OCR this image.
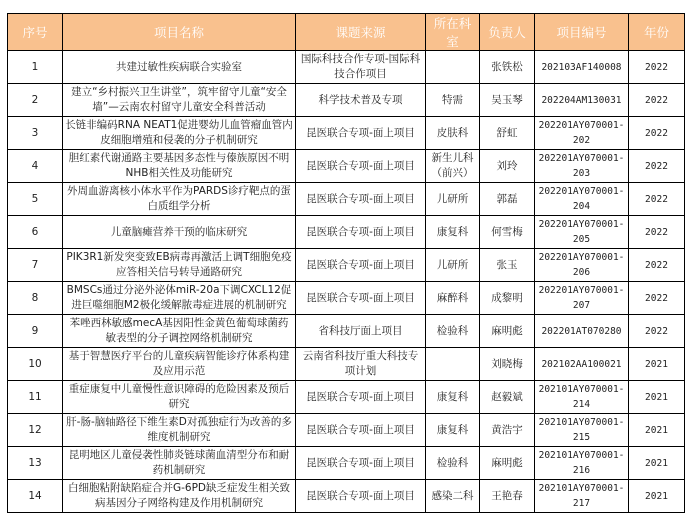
序号	项目名称	课题来源	所在科室	负责人	项目编号	年份
1	共建过敏性疾病联合实验室	国际科技合作专项-国际科技合作项目		张铁松	202103AF140008	2022
2	建立“乡村振兴卫生讲堂”，筑牢留守儿童“安全墙”—云南农村留守儿童安全科普活动	科学技术普及专项	特需	吴玉琴	202204AM130031	2022
3	长链非编码RNA NEAT1促进婴幼儿血管瘤血管内皮细胞增殖和侵袭的分子机制研究	昆医联合专项-面上项目	皮肤科	舒虹	202201AY070001-202	2022
4	胆红素代谢通路主要基因多态性与傣族原因不明NHB相关性及功能研究	昆医联合专项-面上项目	新生儿科（前兴）	刘玲	202201AY070001-203	2022
5	外周血游离核小体水平作为PARDS诊疗靶点的蛋白质组学分析	昆医联合专项-面上项目	儿研所	郭磊	202201AY070001-204	2022
6	儿童脑瘫营养干预的临床研究	昆医联合专项-面上项目	康复科	何雪梅	202201AY070001-205	2022
7	PIK3R1新发突变致EB病毒再激活上调T细胞免疫应答相关信号转导通路研究	昆医联合专项-面上项目	儿研所	张玉	202201AY070001-206	2022
8	BMSCs通过分泌外泌体miR-20a下调CXCL12促进巨噬细胞M2极化缓解脓毒症进展的机制研究	昆医联合专项-面上项目	麻醉科	成黎明	202201AY070001-207	2022
9	苯唑西林敏感mecA基因阳性金黄色葡萄球菌药敏表型的分子调控网络机制研究	省科技厅面上项目	检验科	麻明彪	202201AT070280	2022
10	基于智慧医疗平台的儿童疾病智能诊疗体系构建及应用示范	云南省科技厅重大科技专项计划		刘晓梅	202102AA100021	2021
11	重症康复中儿童慢性意识障碍的危险因素及预后研究	昆医联合专项-面上项目	康复科	赵毅斌	202101AY070001-214	2021
12	肝-肠-脑轴路径下维生素D对孤独症行为改善的多维度机制研究	昆医联合专项-面上项目	康复科	黄浩宇	202101AY070001-215	2021
13	昆明地区儿童侵袭性肺炎链球菌血清型分布和耐药机制研究	昆医联合专项-面上项目	检验科	麻明彪	202101AY070001-216	2021
14	白细胞粘附缺陷症合并G-6PD缺乏症发生相关致病基因分子网络构建及作用机制研究	昆医联合专项-面上项目	感染二科	王艳春	202101AY070001-217	2021
